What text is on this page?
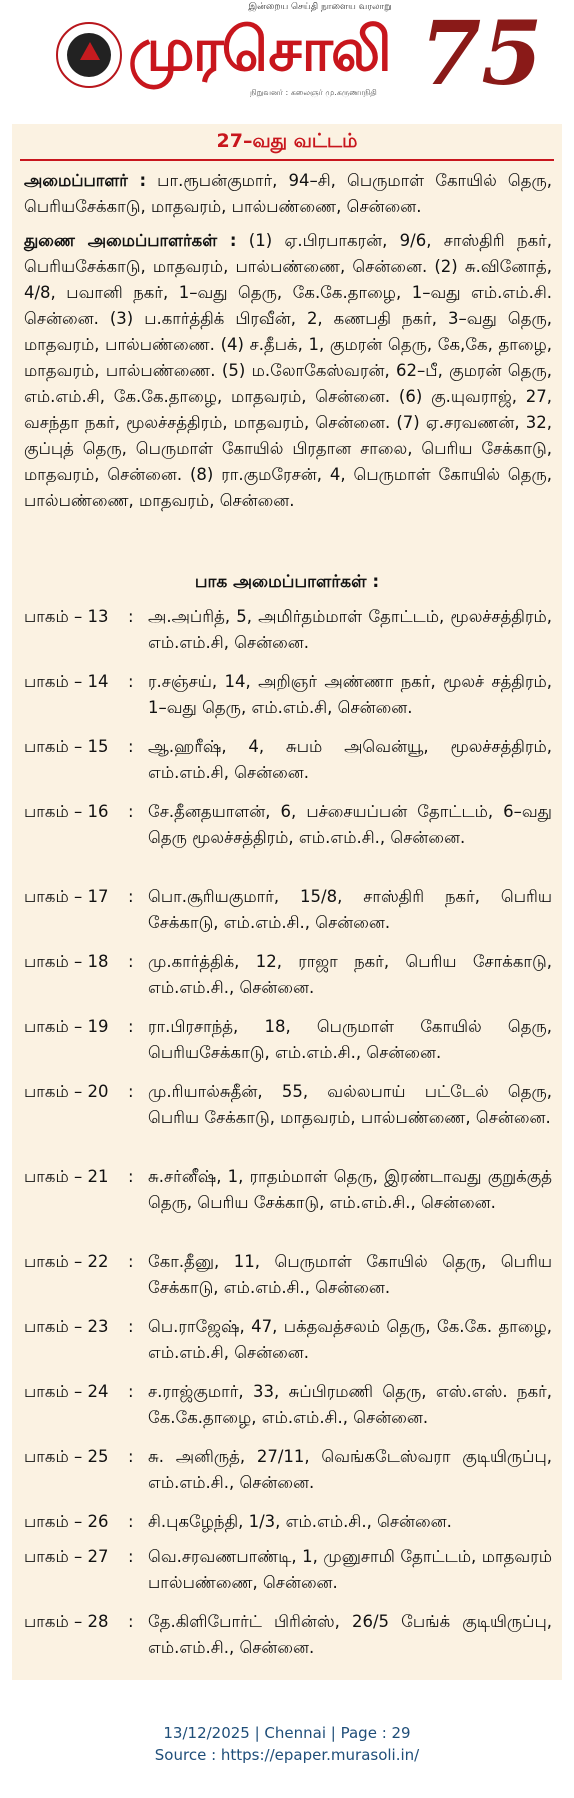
இன்றைய செய்தி நாளைய வரலாறு
முரசொலி
நிறுவனர் : கலைஞர் மு.கருணாநிதி 75
27–வது வட்டம்
அமைப்பாளர் : பா.ரூபன்குமார், 94–சி, பெருமாள் கோயில் தெரு, பெரியசேக்காடு, மாதவரம், பால்பண்ணை, சென்னை.
துணை அமைப்பாளர்கள் : (1) ஏ.பிரபாகரன், 9/6, சாஸ்திரி நகர், பெரியசேக்காடு, மாதவரம், பால்பண்ணை, சென்னை. (2) சு.வினோத், 4/8, பவானி நகர், 1–வது தெரு, கே.கே.தாழை, 1–வது எம்.எம்.சி. சென்னை. (3) ப.கார்த்திக் பிரவீன், 2, கணபதி நகர், 3–வது தெரு, மாதவரம், பால்பண்ணை. (4) ச.தீபக், 1, குமரன் தெரு, கே,கே, தாழை, மாதவரம், பால்பண்ணை. (5) ம.லோகேஸ்வரன், 62–பீ, குமரன் தெரு, எம்.எம்.சி, கே.கே.தாழை, மாதவரம், சென்னை. (6) கு.யுவராஜ், 27, வசந்தா நகர், மூலச்சத்திரம், மாதவரம், சென்னை. (7) ஏ.சரவணன், 32, குப்புத் தெரு, பெருமாள் கோயில் பிரதான சாலை, பெரிய சேக்காடு, மாதவரம், சென்னை. (8) ரா.குமரேசன், 4, பெருமாள் கோயில் தெரு, பால்பண்ணை, மாதவரம், சென்னை.
பாக அமைப்பாளர்கள் :
பாகம் – 13	: அ.அப்ரித், 5, அமிர்தம்மாள் தோட்டம், மூலச்சத்திரம், எம்.எம்.சி, சென்னை.
பாகம் – 14	: ர.சஞ்சய், 14, அறிஞர் அண்ணா நகர், மூலச் சத்திரம், 1–வது தெரு, எம்.எம்.சி, சென்னை.
பாகம் – 15	: ஆ.ஹரீஷ், 4, சுபம் அவென்யூ, மூலச்சத்திரம், எம்.எம்.சி, சென்னை.
பாகம் – 16	: சே.தீனதயாளன், 6, பச்சையப்பன் தோட்டம், 6–வது தெரு மூலச்சத்திரம், எம்.எம்.சி., சென்னை.
பாகம் – 17	: பொ.சூரியகுமார், 15/8, சாஸ்திரி நகர், பெரிய சேக்காடு, எம்.எம்.சி., சென்னை.
பாகம் – 18	: மு.கார்த்திக், 12, ராஜா நகர், பெரிய சோக்காடு, எம்.எம்.சி., சென்னை.
பாகம் – 19	: ரா.பிரசாந்த், 18, பெருமாள் கோயில் தெரு, பெரியசேக்காடு, எம்.எம்.சி., சென்னை.
பாகம் – 20	: மு.ரியால்சுதீன், 55, வல்லபாய் பட்டேல் தெரு, பெரிய சேக்காடு, மாதவரம், பால்பண்ணை, சென்னை.
பாகம் – 21	: சு.சர்னீஷ், 1, ராதம்மாள் தெரு, இரண்டாவது குறுக்குத் தெரு, பெரிய சேக்காடு, எம்.எம்.சி., சென்னை.
பாகம் – 22	: கோ.தீனு, 11, பெருமாள் கோயில் தெரு, பெரிய சேக்காடு, எம்.எம்.சி., சென்னை.
பாகம் – 23	: பெ.ராஜேஷ், 47, பக்தவத்சலம் தெரு, கே.கே. தாழை, எம்.எம்.சி, சென்னை.
பாகம் – 24	: ச.ராஜ்குமார், 33, சுப்பிரமணி தெரு, எஸ்.எஸ். நகர், கே.கே.தாழை, எம்.எம்.சி., சென்னை.
பாகம் – 25	: சு. அனிருத், 27/11, வெங்கடேஸ்வரா குடியிருப்பு, எம்.எம்.சி., சென்னை.
பாகம் – 26	: சி.புகழேந்தி, 1/3, எம்.எம்.சி., சென்னை.
பாகம் – 27	: வெ.சரவணபாண்டி, 1, முனுசாமி தோட்டம், மாதவரம் பால்பண்ணை, சென்னை.
பாகம் – 28	: தே.கிளிபோர்ட் பிரின்ஸ், 26/5 பேங்க் குடியிருப்பு, எம்.எம்.சி., சென்னை.
13/12/2025 | Chennai | Page : 29
Source : https://epaper.murasoli.in/
